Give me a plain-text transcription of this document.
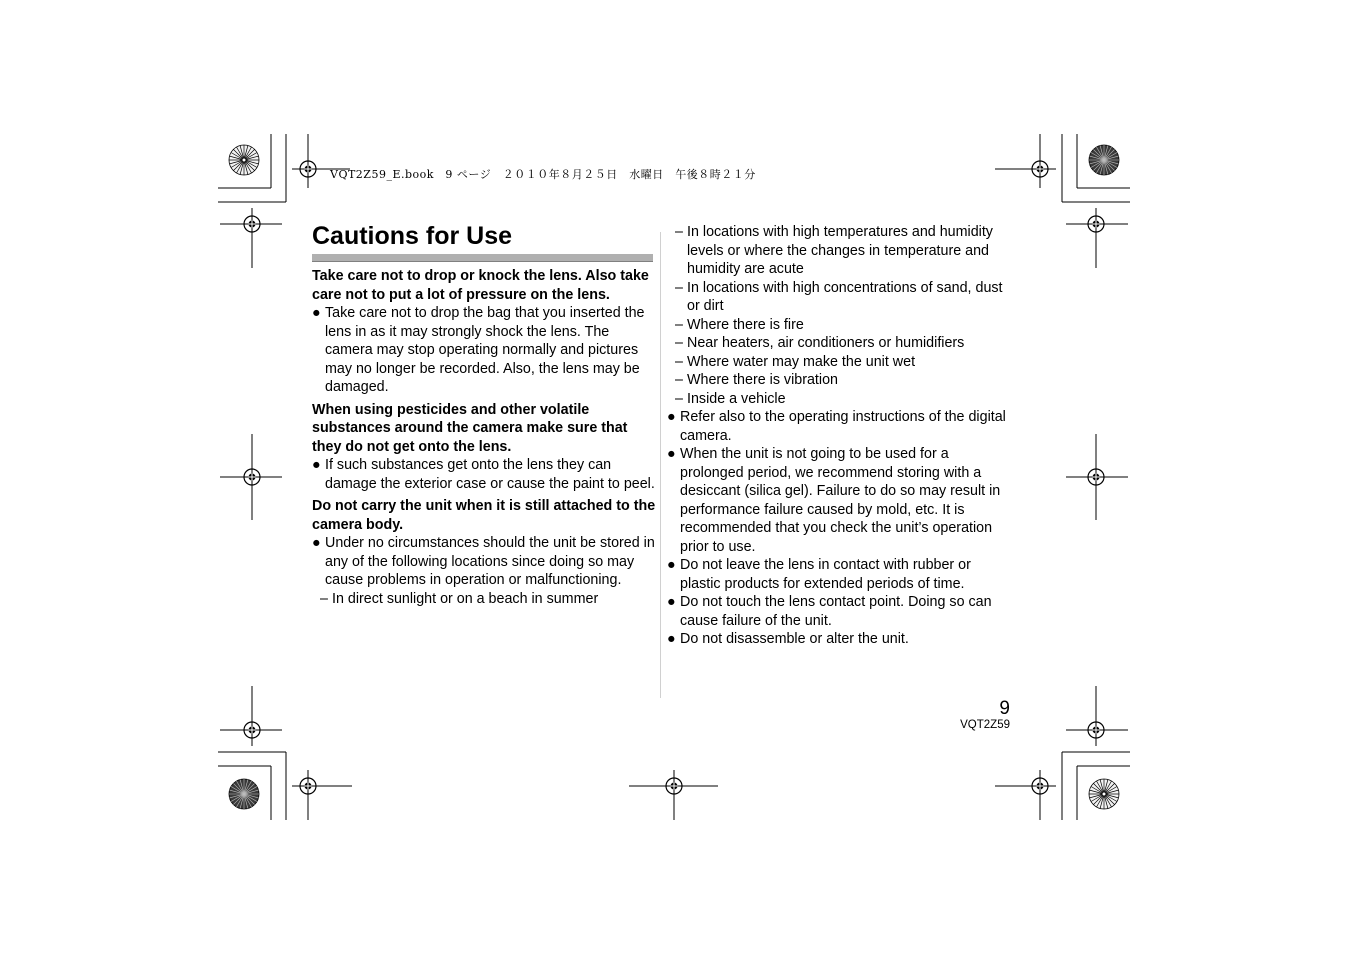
VQT2Z59_E.book　9 ページ　２０１０年８月２５日　水曜日　午後８時２１分
Cautions for Use

Take care not to drop or knock the lens. Also take care not to put a lot of pressure on the lens.

● Take care not to drop the bag that you inserted the lens in as it may strongly shock the lens. The camera may stop operating normally and pictures may no longer be recorded. Also, the lens may be damaged.

When using pesticides and other volatile substances around the camera make sure that they do not get onto the lens.

● If such substances get onto the lens they can damage the exterior case or cause the paint to peel.

Do not carry the unit when it is still attached to the camera body.

● Under no circumstances should the unit be stored in any of the following locations since doing so may cause problems in operation or malfunctioning.

– In direct sunlight or on a beach in summer

– In locations with high temperatures and humidity levels or where the changes in temperature and humidity are acute

– In locations with high concentrations of sand, dust or dirt

– Where there is fire

– Near heaters, air conditioners or humidifiers

– Where water may make the unit wet

– Where there is vibration

– Inside a vehicle

● Refer also to the operating instructions of the digital camera.

● When the unit is not going to be used for a prolonged period, we recommend storing with a desiccant (silica gel). Failure to do so may result in performance failure caused by mold, etc. It is recommended that you check the unit’s operation prior to use.

● Do not leave the lens in contact with rubber or plastic products for extended periods of time.

● Do not touch the lens contact point. Doing so can cause failure of the unit.

● Do not disassemble or alter the unit.

9
VQT2Z59
